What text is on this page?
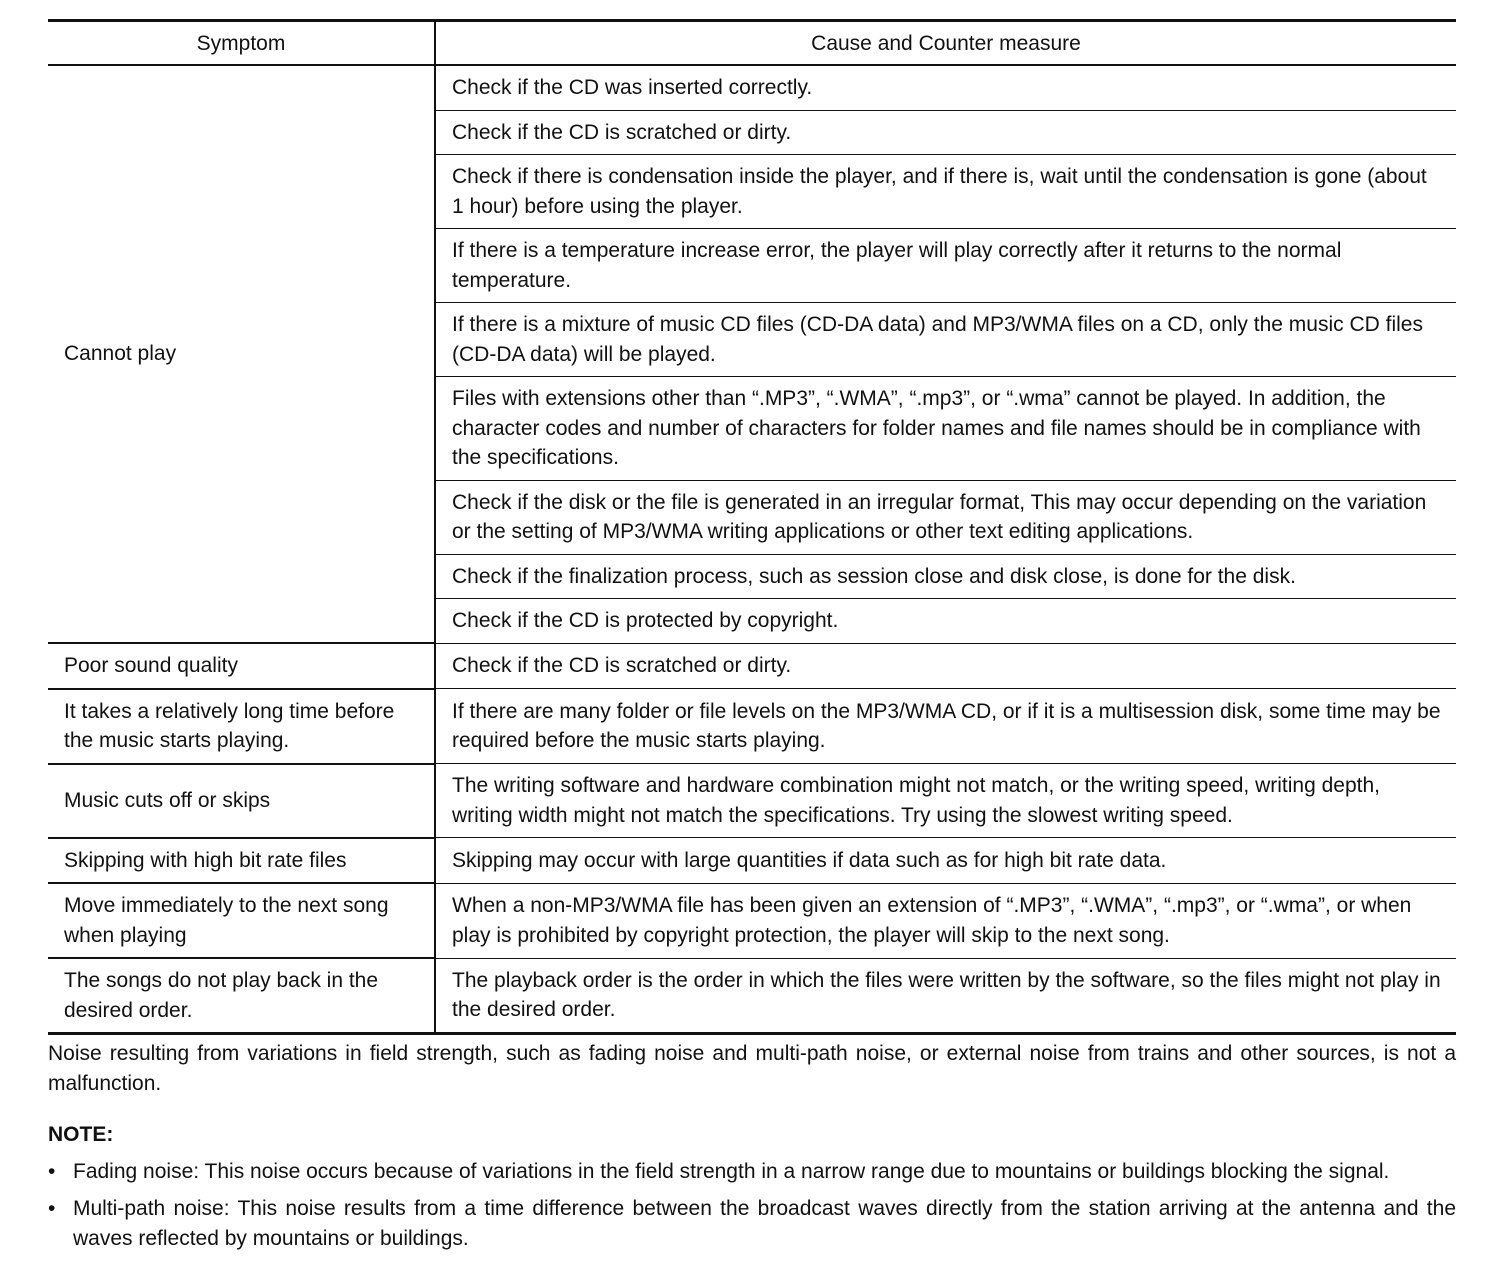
Symptom	Cause and Counter measure
Cannot play	Check if the CD was inserted correctly.
	Check if the CD is scratched or dirty.
	Check if there is condensation inside the player, and if there is, wait until the condensation is gone (about 1 hour) before using the player.
	If there is a temperature increase error, the player will play correctly after it returns to the normal temperature.
	If there is a mixture of music CD files (CD-DA data) and MP3/WMA files on a CD, only the music CD files (CD-DA data) will be played.
	Files with extensions other than “.MP3”, “.WMA”, “.mp3”, or “.wma” cannot be played. In addition, the character codes and number of characters for folder names and file names should be in compliance with the specifications.
	Check if the disk or the file is generated in an irregular format, This may occur depending on the variation or the setting of MP3/WMA writing applications or other text editing applications.
	Check if the finalization process, such as session close and disk close, is done for the disk.
	Check if the CD is protected by copyright.
Poor sound quality	Check if the CD is scratched or dirty.
It takes a relatively long time before the music starts playing.	If there are many folder or file levels on the MP3/WMA CD, or if it is a multisession disk, some time may be required before the music starts playing.
Music cuts off or skips	The writing software and hardware combination might not match, or the writing speed, writing depth, writing width might not match the specifications. Try using the slowest writing speed.
Skipping with high bit rate files	Skipping may occur with large quantities if data such as for high bit rate data.
Move immediately to the next song when playing	When a non-MP3/WMA file has been given an extension of “.MP3”, “.WMA”, “.mp3”, or “.wma”, or when play is prohibited by copyright protection, the player will skip to the next song.
The songs do not play back in the desired order.	The playback order is the order in which the files were written by the software, so the files might not play in the desired order.

Noise resulting from variations in field strength, such as fading noise and multi-path noise, or external noise from trains and other sources, is not a malfunction.

NOTE:
• Fading noise: This noise occurs because of variations in the field strength in a narrow range due to mountains or buildings blocking the signal.
• Multi-path noise: This noise results from a time difference between the broadcast waves directly from the station arriving at the antenna and the waves reflected by mountains or buildings.
